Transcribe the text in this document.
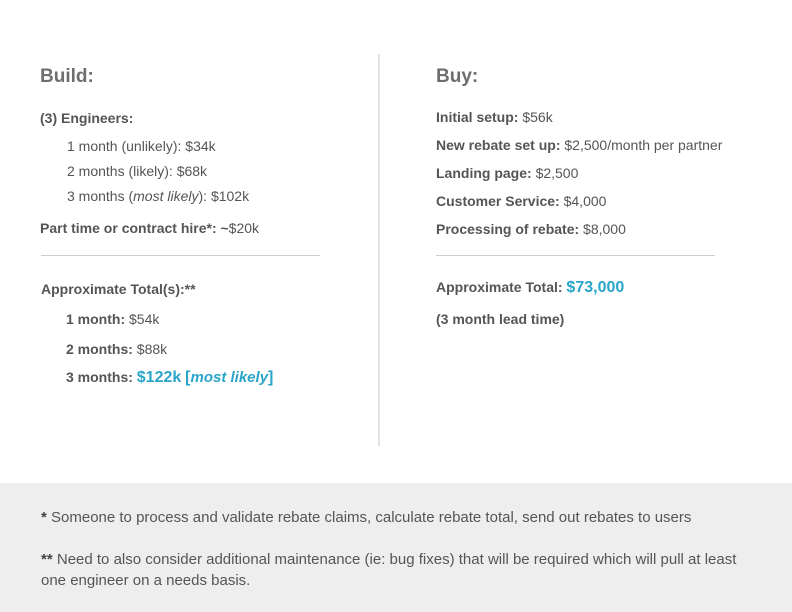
Build:
(3) Engineers:
1 month (unlikely): $34k
2 months (likely): $68k
3 months (most likely): $102k
Part time or contract hire*: ~$20k
Approximate Total(s):**
1 month: $54k
2 months: $88k
3 months: $122k [most likely]
Buy:
Initial setup: $56k
New rebate set up: $2,500/month per partner
Landing page: $2,500
Customer Service: $4,000
Processing of rebate: $8,000
Approximate Total: $73,000
(3 month lead time)
* Someone to process and validate rebate claims, calculate rebate total, send out rebates to users
** Need to also consider additional maintenance (ie: bug fixes) that will be required which will pull at least one engineer on a needs basis.
